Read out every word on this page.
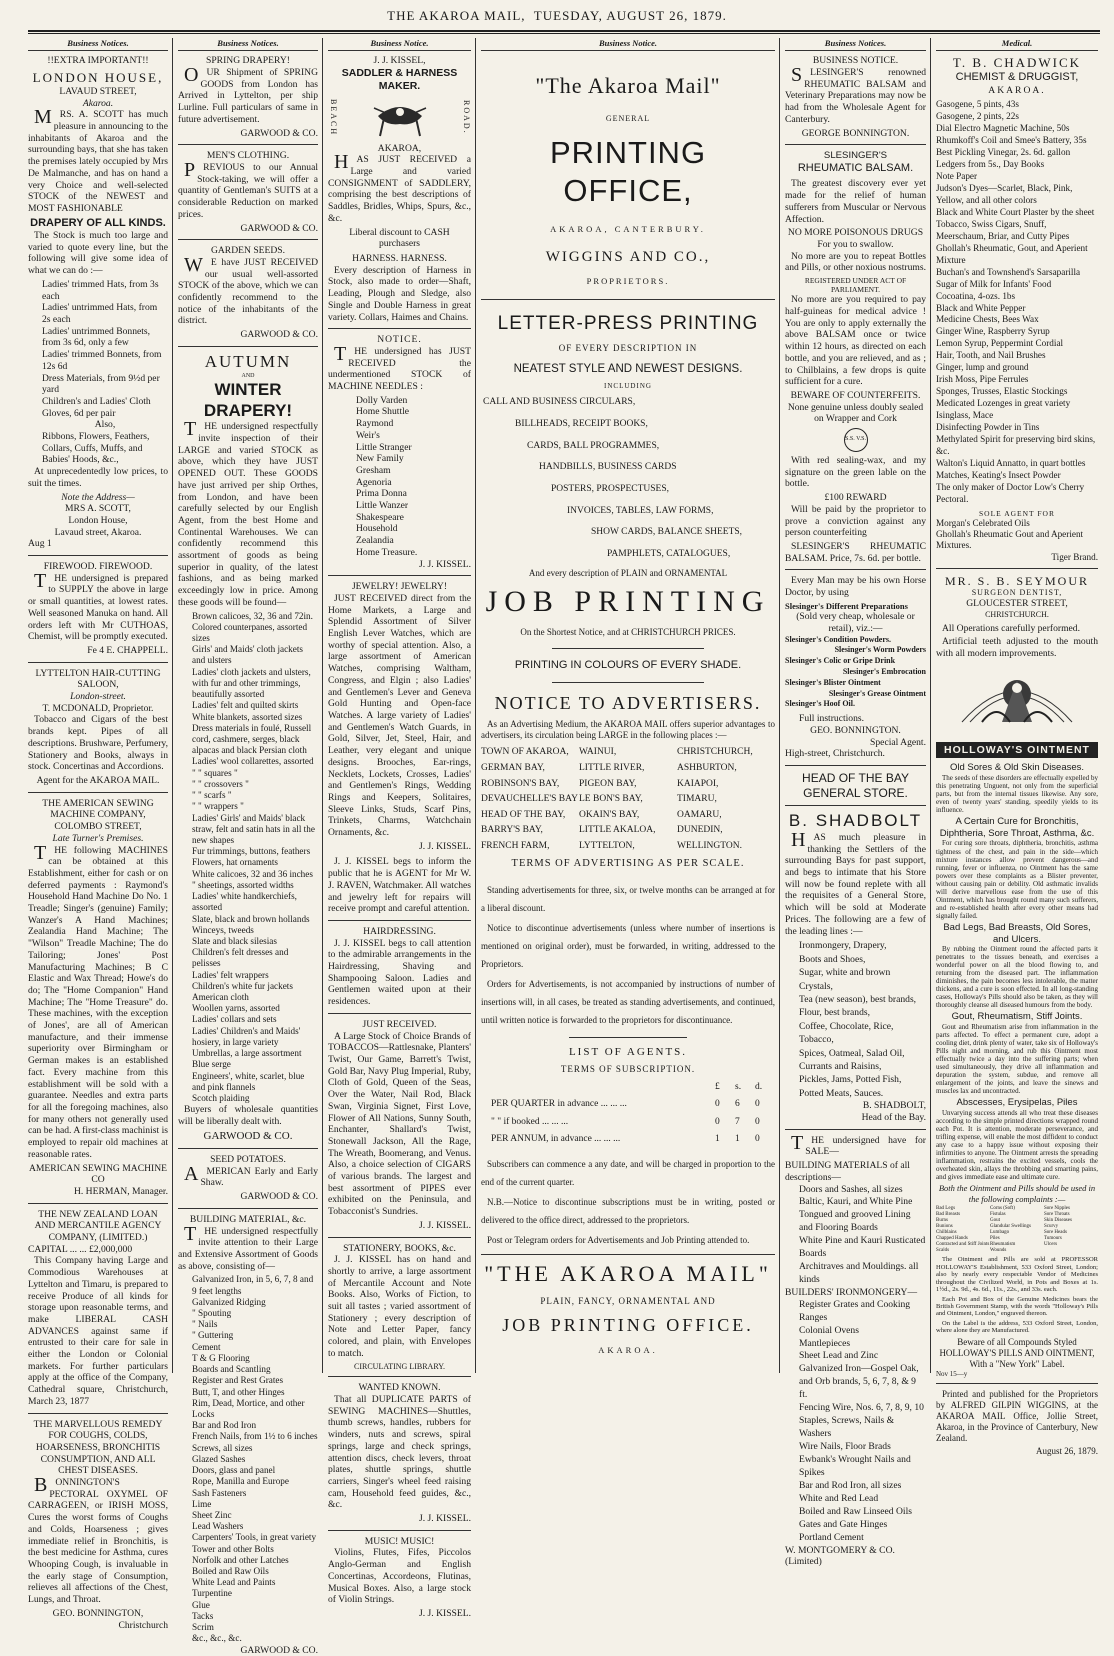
THE AKAROA MAIL, TUESDAY, AUGUST 26, 1879.
Business Notices.
!!EXTRA IMPORTANT!!
LONDON HOUSE,
LAVAUD STREET,
Akaroa.

MRS. A. SCOTT has much pleasure in announcing to the inhabitants of Akaroa and the surrounding bays, that she has taken the premises lately occupied by Mrs De Malmanche, and has on hand a very Choice and well-selected STOCK of the NEWEST and MOST FASHIONABLE

DRAPERY OF ALL KINDS.

The Stock is much too large and varied to quote every line, but the following will give some idea of what we can do :—

Ladies' trimmed Hats, from 3s each
Ladies' untrimmed Hats, from 2s each
Ladies' untrimmed Bonnets, from 3s 6d, only a few
Ladies' trimmed Bonnets, from 12s 6d
Dress Materials, from 9½d per yard
Children's and Ladies' Cloth Gloves, 6d per pair
Also,
Ribbons, Flowers, Feathers, Collars, Cuffs, Muffs, and Babies' Hoods, &c.,

At unprecedentedly low prices, to suit the times.

Note the Address—
MRS A. SCOTT,
London House,
Lavaud street, Akaroa.
Aug 1
FIREWOOD. FIREWOOD.

THE undersigned is prepared to SUPPLY the above in large or small quantities, at lowest rates. Well seasoned Manuka on hand. All orders left with Mr CUTHOAS, Chemist, will be promptly executed.

Fe 4 E. CHAPPELL.
LYTTELTON HAIR-CUTTING SALOON,
London-street.
T. MCDONALD, Proprietor.

Tobacco and Cigars of the best brands kept. Pipes of all descriptions. Brushware, Perfumery, Stationery and Books, always in stock. Concertinas and Accordions.

Agent for the AKAROA MAIL.
THE AMERICAN SEWING MACHINE COMPANY, COLOMBO STREET,
Late Turner's Premises.

THE following MACHINES can be obtained at this Establishment, either for cash or on deferred payments : Raymond's Household Hand Machine Do No. 1 Treadle; Singer's (genuine) Family; Wanzer's A Hand Machines; Zealandia Hand Machine; The "Wilson" Treadle Machine; The do Tailoring; Jones' Post Manufacturing Machines; B C Elastic and Wax Thread; Howe's do do; The "Home Companion" Hand Machine; The "Home Treasure" do. These machines, with the exception of Jones', are all of American manufacture, and their immense superiority over Birmingham or German makes is an established fact. Every machine from this establishment will be sold with a guarantee. Needles and extra parts for all the foregoing machines, also for many others not generally used can be had. A first-class machinist is employed to repair old machines at reasonable rates.

AMERICAN SEWING MACHINE CO
H. HERMAN, Manager.
THE NEW ZEALAND LOAN AND MERCANTILE AGENCY COMPANY, (LIMITED.)
CAPITAL ... ... £2,000,000

This Company having Large and Commodious Warehouses at Lyttelton and Timaru, is prepared to receive Produce of all kinds for storage upon reasonable terms, and make LIBERAL CASH ADVANCES against same if entrusted to their care for sale in either the London or Colonial markets. For further particulars apply at the office of the Company, Cathedral square, Christchurch, March 23, 1877

THE MARVELLOUS REMEDY FOR COUGHS, COLDS, HOARSENESS, BRONCHITIS CONSUMPTION, AND ALL CHEST DISEASES.

BONNINGTON'S PECTORAL OXYMEL OF CARRAGEEN, or IRISH MOSS, Cures the worst forms of Coughs and Colds, Hoarseness ; gives immediate relief in Bronchitis, is the best medicine for Asthma, cures Whooping Cough, is invaluable in the early stage of Consumption, relieves all affections of the Chest, Lungs, and Throat.

GEO. BONNINGTON,
Christchurch
Business Notices.
SPRING DRAPERY!

OUR Shipment of SPRING GOODS from London has Arrived in Lyttelton, per ship Lurline. Full particulars of same in future advertisement.

GARWOOD & CO.
MEN'S CLOTHING.

PREVIOUS to our Annual Stock-taking, we will offer a quantity of Gentleman's SUITS at a considerable Reduction on marked prices.

GARWOOD & CO.
GARDEN SEEDS.

WE have JUST RECEIVED our usual well-assorted STOCK of the above, which we can confidently recommend to the notice of the inhabitants of the district.

GARWOOD & CO.
AUTUMN
AND
WINTER DRAPERY!

THE undersigned respectfully invite inspection of their LARGE and varied STOCK as above, which they have JUST OPENED OUT. These GOODS have just arrived per ship Orthes, from London, and have been carefully selected by our English Agent, from the best Home and Continental Warehouses. We can confidently recommend this assortment of goods as being superior in quality, of the latest fashions, and as being marked exceedingly low in price. Among these goods will be found—

Brown calicoes, 32, 36 and 72in.
Colored counterpanes, assorted sizes
Girls' and Maids' cloth jackets and ulsters
Ladies' cloth jackets and ulsters, with fur and other trimmings, beautifully assorted
Ladies' felt and quilted skirts
White blankets, assorted sizes
Dress materials in foulé, Russell cord, cashmere, serges, black alpacas and black Persian cloth
Ladies' wool collarettes, assorted
" " squares "
" " crossovers "
" " scarfs "
" " wrappers "
Ladies' Girls' and Maids' black straw, felt and satin hats in all the new shapes
Fur trimmings, buttons, feathers
Flowers, hat ornaments
White calicoes, 32 and 36 inches
" sheetings, assorted widths
Ladies' white handkerchiefs, assorted
Slate, black and brown hollands
Winceys, tweeds
Slate and black silesias
Children's felt dresses and pelisses
Ladies' felt wrappers
Children's white fur jackets
American cloth
Woollen yarns, assorted
Ladies' collars and sets
Ladies' Children's and Maids' hosiery, in large variety
Umbrellas, a large assortment
Blue serge
Engineers', white, scarlet, blue and pink flannels
Scotch plaiding

Buyers of wholesale quantities will be liberally dealt with.

GARWOOD & CO.
SEED POTATOES.

AMERICAN Early and Early Shaw.

GARWOOD & CO.
BUILDING MATERIAL, &c.

THE undersigned respectfully invite attention to their Large and Extensive Assortment of Goods as above, consisting of—

Galvanized Iron, in 5, 6, 7, 8 and 9 feet lengths
Galvanized Ridging
" Spouting
" Nails
" Guttering
Cement
T & G Flooring
Boards and Scantling
Register and Rest Grates
Butt, T, and other Hinges
Rim, Dead, Mortice, and other Locks
Bar and Rod Iron
French Nails, from 1½ to 6 inches
Screws, all sizes
Glazed Sashes
Doors, glass and panel
Rope, Manilla and Europe
Sash Fasteners
Lime
Sheet Zinc
Lead Washers
Carpenters' Tools, in great variety
Tower and other Bolts
Norfolk and other Latches
Boiled and Raw Oils
White Lead and Paints
Turpentine
Glue
Tacks
Scrim
&c., &c., &c.
GARWOOD & CO.
Business Notice.
J. J. KISSEL,
SADDLER & HARNESS MAKER.
BEACH	ROAD.
AKAROA,

HAS JUST RECEIVED a Large and varied CONSIGNMENT of SADDLERY, comprising the best descriptions of Saddles, Bridles, Whips, Spurs, &c., &c.

Liberal discount to CASH purchasers
HARNESS. HARNESS.

Every description of Harness in Stock, also made to order—Shaft, Leading, Plough and Sledge, also Single and Double Harness in great variety. Collars, Haimes and Chains.

NOTICE.

THE undersigned has JUST RECEIVED the undermentioned STOCK of MACHINE NEEDLES :

Dolly Varden
Home Shuttle
Raymond
Weir's
Little Stranger
New Family
Gresham
Agenoria
Prima Donna
Little Wanzer
Shakespeare
Household
Zealandia
Home Treasure.
J. J. KISSEL.
JEWELRY! JEWELRY!

JUST RECEIVED direct from the Home Markets, a Large and Splendid Assortment of Silver English Lever Watches, which are worthy of special attention. Also, a large assortment of American Watches, comprising Waltham, Congress, and Elgin ; also Ladies' and Gentlemen's Lever and Geneva Gold Hunting and Open-face Watches. A large variety of Ladies' and Gentlemen's Watch Guards, in Gold, Silver, Jet, Steel, Hair, and Leather, very elegant and unique designs. Brooches, Ear-rings, Necklets, Lockets, Crosses, Ladies' and Gentlemen's Rings, Wedding Rings and Keepers, Solitaires, Sleeve Links, Studs, Scarf Pins, Trinkets, Charms, Watchchain Ornaments, &c.

J. J. KISSEL.

J. J. KISSEL begs to inform the public that he is AGENT for Mr W. J. RAVEN, Watchmaker. All watches and jewelry left for repairs will receive prompt and careful attention.

HAIRDRESSING.

J. J. KISSEL begs to call attention to the admirable arrangements in the Hairdressing, Shaving and Shampooing Saloon. Ladies and Gentlemen waited upon at their residences.

JUST RECEIVED.

A Large Stock of Choice Brands of TOBACCOS—Rattlesnake, Planters' Twist, Our Game, Barrett's Twist, Gold Bar, Navy Plug Imperial, Ruby, Cloth of Gold, Queen of the Seas, Over the Water, Nail Rod, Black Swan, Virginia Signet, First Love, Flower of All Nations, Sunny South, Enchanter, Shallard's Twist, Stonewall Jackson, All the Rage, The Wreath, Boomerang, and Venus. Also, a choice selection of CIGARS of various brands. The largest and best assortment of PIPES ever exhibited on the Peninsula, and Tobacconist's Sundries.

J. J. KISSEL.
STATIONERY, BOOKS, &c.

J. J. KISSEL has on hand and shortly to arrive, a large assortment of Mercantile Account and Note Books. Also, Works of Fiction, to suit all tastes ; varied assortment of Stationery ; every description of Note and Letter Paper, fancy colored, and plain, with Envelopes to match.

CIRCULATING LIBRARY.
WANTED KNOWN.

That all DUPLICATE PARTS of SEWING MACHINES—Shuttles, thumb screws, handles, rubbers for winders, nuts and screws, spiral springs, large and check springs, attention discs, check levers, throat plates, shuttle springs, shuttle carriers, Singer's wheel feed raising cam, Household feed guides, &c., &c.

J. J. KISSEL.
MUSIC! MUSIC!

Violins, Flutes, Fifes, Piccolos Anglo-German and English Concertinas, Accordeons, Flutinas, Musical Boxes. Also, a large stock of Violin Strings.

J. J. KISSEL.
Business Notice.
"The Akaroa Mail"
GENERAL
PRINTING OFFICE,
AKAROA, CANTERBURY.
WIGGINS AND CO.,
PROPRIETORS.
LETTER-PRESS PRINTING
OF EVERY DESCRIPTION IN
NEATEST STYLE AND NEWEST DESIGNS.
INCLUDING
CALL AND BUSINESS CIRCULARS,
BILLHEADS, RECEIPT BOOKS,
CARDS, BALL PROGRAMMES,
HANDBILLS, BUSINESS CARDS
POSTERS, PROSPECTUSES,
INVOICES, TABLES, LAW FORMS,
SHOW CARDS, BALANCE SHEETS,
PAMPHLETS, CATALOGUES,
And every description of PLAIN and ORNAMENTAL
JOB PRINTING
On the Shortest Notice, and at CHRISTCHURCH PRICES.
PRINTING IN COLOURS OF EVERY SHADE.
NOTICE TO ADVERTISERS.

As an Advertising Medium, the AKAROA MAIL offers superior advantages to advertisers, its circulation being LARGE in the following places :—

TOWN OF AKAROA,	WAINUI,	CHRISTCHURCH,
GERMAN BAY,	LITTLE RIVER,	ASHBURTON,
ROBINSON'S BAY,	PIGEON BAY,	KAIAPOI,
DEVAUCHELLE'S BAY LE BON'S BAY,	TIMARU,
HEAD OF THE BAY,	OKAIN'S BAY,	OAMARU,
BARRY'S BAY,	LITTLE AKALOA,	DUNEDIN,
FRENCH FARM,	LYTTELTON,	WELLINGTON.
TERMS OF ADVERTISING AS PER SCALE.

Standing advertisements for three, six, or twelve months can be arranged at for a liberal discount.

Notice to discontinue advertisements (unless where number of insertions is mentioned on original order), must be forwarded, in writing, addressed to the Proprietors.

Orders for Advertisements, is not accompanied by instructions of number of insertions will, in all cases, be treated as standing advertisements, and continued, until written notice is forwarded to the proprietors for discontinuance.

LIST OF AGENTS.
TERMS OF SUBSCRIPTION.
	£	s.	d.
PER QUARTER in advance ... ... ...	0	6	0
" " if booked ... ... ...	0	7	0
PER ANNUM, in advance ... ... ...	1	1	0

Subscribers can commence a any date, and will be charged in proportion to the end of the current quarter.

N.B.—Notice to discontinue subscriptions must be in writing, posted or delivered to the office direct, addressed to the proprietors.

Post or Telegram orders for Advertisements and Job Printing attended to.

"THE AKAROA MAIL"
PLAIN, FANCY, ORNAMENTAL AND
JOB PRINTING OFFICE.
AKAROA.
Business Notices.
BUSINESS NOTICE.

SLESINGER'S renowned RHEUMATIC BALSAM and Veterinary Preparations may now be had from the Wholesale Agent for Canterbury.

GEORGE BONNINGTON.
SLESINGER'S
RHEUMATIC BALSAM.

The greatest discovery ever yet made for the relief of human sufferers from Muscular or Nervous Affection.

NO MORE POISONOUS DRUGS
For you to swallow.

No more are you to repeat Bottles and Pills, or other noxious nostrums.

REGISTERED UNDER ACT OF PARLIAMENT.

No more are you required to pay half-guineas for medical advice ! You are only to apply externally the above BALSAM once or twice within 12 hours, as directed on each bottle, and you are relieved, and as ; to Chilblains, a few drops is quite sufficient for a cure.

BEWARE OF COUNTERFEITS.
None genuine unless doubly sealed on Wrapper and Cork
S.S. V.S.

With red sealing-wax, and my signature on the green lable on the bottle.

£100 REWARD

Will be paid by the proprietor to prove a conviction against any person counterfeiting

SLESINGER'S RHEUMATIC BALSAM. Price, 7s. 6d. per bottle.

Every Man may be his own Horse Doctor, by using

Slesinger's Different Preparations
(Sold very cheap, wholesale or retail), viz.:—
Slesinger's Condition Powders.
Slesinger's Worm Powders
Slesinger's Colic or Gripe Drink
Slesinger's Embrocation
Slesinger's Blister Ointment
Slesinger's Grease Ointment
Slesinger's Hoof Oil.
Full instructions.
GEO. BONNINGTON.
Special Agent.
High-street, Christchurch.
HEAD OF THE BAY GENERAL STORE.
B. SHADBOLT

HAS much pleasure in thanking the Settlers of the surrounding Bays for past support, and begs to intimate that his Store will now be found replete with all the requisites of a General Store, which will be sold at Moderate Prices. The following are a few of the leading lines :—

Ironmongery, Drapery,
Boots and Shoes,
Sugar, white and brown Crystals,
Tea (new season), best brands,
Flour, best brands,
Coffee, Chocolate, Rice, Tobacco,
Spices, Oatmeal, Salad Oil,
Currants and Raisins,
Pickles, Jams, Potted Fish,
Potted Meats, Sauces.
B. SHADBOLT,
Head of the Bay.

THE undersigned have for SALE—

BUILDING MATERIALS of all descriptions—
Doors and Sashes, all sizes
Baltic, Kauri, and White Pine
Tongued and grooved Lining and Flooring Boards
White Pine and Kauri Rusticated Boards
Architraves and Mouldings. all kinds
BUILDERS' IRONMONGERY—
Register Grates and Cooking Ranges
Colonial Ovens
Mantlepieces
Sheet Lead and Zinc
Galvanized Iron—Gospel Oak, and Orb brands, 5, 6, 7, 8, & 9 ft.
Fencing Wire, Nos. 6, 7, 8, 9, 10
Staples, Screws, Nails & Washers
Wire Nails, Floor Brads
Ewbank's Wrought Nails and Spikes
Bar and Rod Iron, all sizes
White and Red Lead
Boiled and Raw Linseed Oils
Gates and Gate Hinges
Portland Cement
W. MONTGOMERY & CO. (Limited)
Medical.
T. B. CHADWICK
CHEMIST & DRUGGIST,
AKAROA.
Gasogene, 5 pints, 43s
Gasogene, 2 pints, 22s
Dial Electro Magnetic Machine, 50s
Rhumkoff's Coil and Smee's Battery, 35s
Best Pickling Vinegar, 2s. 6d. gallon
Ledgers from 5s., Day Books
Note Paper
Judson's Dyes—Scarlet, Black, Pink, Yellow, and all other colors
Black and White Court Plaster by the sheet
Tobacco, Swiss Cigars, Snuff, Meerschaum, Briar, and Cutty Pipes
Ghollah's Rheumatic, Gout, and Aperient Mixture
Buchan's and Townshend's Sarsaparilla
Sugar of Milk for Infants' Food
Cocoatina, 4-ozs. 1bs
Black and White Pepper
Medicine Chests, Bees Wax
Ginger Wine, Raspberry Syrup
Lemon Syrup, Peppermint Cordial
Hair, Tooth, and Nail Brushes
Ginger, lump and ground
Irish Moss, Pipe Ferrules
Sponges, Trusses, Elastic Stockings
Medicated Lozenges in great variety
Isinglass, Mace
Disinfecting Powder in Tins
Methylated Spirit for preserving bird skins, &c.
Walton's Liquid Annatto, in quart bottles
Matches, Keating's Insect Powder
The only maker of Doctor Low's Cherry Pectoral.
SOLE AGENT FOR
Morgan's Celebrated Oils
Ghollah's Rheumatic Gout and Aperient Mixtures.
Tiger Brand.
MR. S. B. SEYMOUR
SURGEON DENTIST,
GLOUCESTER STREET,
CHRISTCHURCH.

All Operations carefully performed.

Artificial teeth adjusted to the mouth with all modern improvements.

HOLLOWAY'S OINTMENT
Old Sores & Old Skin Diseases.

The seeds of these disorders are effectually expelled by this penetrating Unguent, not only from the superficial parts, but from the internal tissues likewise. Any sore, even of twenty years' standing, speedily yields to its influence.

A Certain Cure for Bronchitis, Diphtheria, Sore Throat, Asthma, &c.

For curing sore throats, diphtheria, bronchitis, asthma tightness of the chest, and pain in the side—which mixture instances allow prevent dangerous—and running, fever or influenza, no Ointment has the same powers over these complaints as a Blister preventer, without causing pain or debility. Old asthmatic invalids will derive marvellous ease from the use of this Ointment, which has brought round many such sufferers, and re-established health after every other means had signally failed.

Bad Legs, Bad Breasts, Old Sores, and Ulcers.

By rubbing the Ointment round the affected parts it penetrates to the tissues beneath, and exercises a wonderful power on all the blood flowing to, and returning from the diseased part. The inflammation diminishes, the pain becomes less intolerable, the matter thickens, and a cure is soon effected. In all long-standing cases, Holloway's Pills should also be taken, as they will thoroughly cleanse all diseased humours from the body.

Gout, Rheumatism, Stiff Joints.

Gout and Rheumatism arise from inflammation in the parts affected. To effect a permanent cure, adopt a cooling diet, drink plenty of water, take six of Holloway's Pills night and morning, and rub this Ointment most effectually twice a day into the suffering parts; when used simultaneously, they drive all inflammation and depuration the system, subdue, and remove all enlargement of the joints, and leave the sinews and muscles lax and uncontracted.

Abscesses, Erysipelas, Piles

Unvarying success attends all who treat these diseases according to the simple printed directions wrapped round each Pot. It is attention, moderate perseverance, and trifling expense, will enable the most diffident to conduct any case to a happy issue without exposing their infirmities to anyone. The Ointment arrests the spreading inflammation, restrains the excited vessels, cools the overheated skin, allays the throbbing and smarting pains, and gives immediate ease and ultimate cure.

Both the Ointment and Pills should be used in the following complaints :—
Bad Legs	Corns (Soft)	Sore Nipples
Bad Breasts	Fistulas	Sore Throats
Burns	Gout	Skin Diseases
Bunions	Glandular Swellings	Scurvy
Chilblains	Lumbago	Sore Heads
Chapped Hands	Piles	Tumours
Contracted and Stiff Joints Rheumatism	Ulcers
Scalds	Wounds

The Ointment and Pills are sold at PROFESSOR HOLLOWAY'S Establishment, 533 Oxford Street, London; also by nearly every respectable Vendor of Medicines throughout the Civilized World, in Pots and Boxes at 1s. 1½d., 2s. 9d., 4s. 6d., 11s., 22s., and 33s. each.

Each Pot and Box of the Genuine Medicines bears the British Government Stamp, with the words "Holloway's Pills and Ointment, London," engraved thereon.

On the Label is the address, 533 Oxford Street, London, where alone they are Manufactured.

Beware of all Compounds Styled
HOLLOWAY'S PILLS AND OINTMENT,
With a "New York" Label.
Nov 15—y

Printed and published for the Proprietors by ALFRED GILPIN WIGGINS, at the AKAROA MAIL Office, Jollie Street, Akaroa, in the Province of Canterbury, New Zealand.

August 26, 1879.
